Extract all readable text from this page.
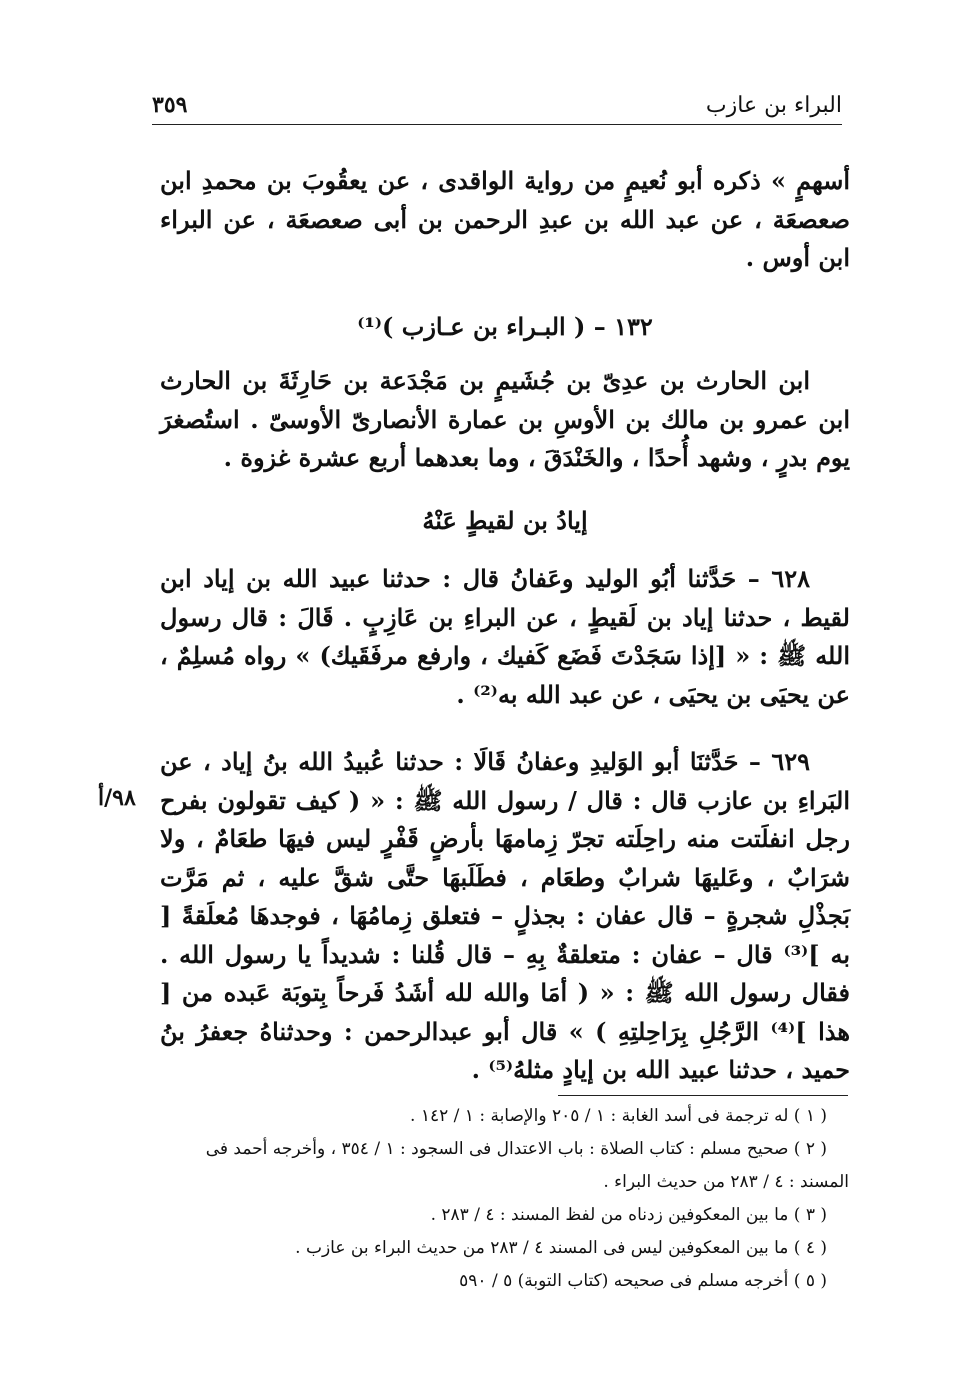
البراء بن عازب
٣٥٩
أسهمٍ » ذكره أبو نُعيمٍ من رواية الواقدى ، عن يعقُوبَ بن محمدِ ابن صعصعَة ، عن عبد الله بن عبدِ الرحمن بن أبى صعصعَة ، عن البراء ابن أوس .
١٣٢ – ( البـراء بن عـازب )⁽¹⁾
ابن الحارث بن عدِىّ بن جُشَيمٍ بن مَجْدَعة بن حَارِثَةَ بن الحارث ابن عمرو بن مالك بن الأوسِ بن عمارة الأنصارىّ الأوسىّ . استُصغرَ يوم بدرٍ ، وشهد أُحدًا ، والخَنْدَقَ ، وما بعدهما أربع عشرة غزوة .
إيادُ بن لقيطٍ عَنْهُ
٦٢٨ – حَدَّثنا أبُو الوليد وعَفانُ قال : حدثنا عبيد الله بن إياد ابن لقيط ، حدثنا إياد بن لَقيطٍ ، عن البراءِ بن عَازِبٍ . قَالَ : قال رسول الله ﷺ : « [إذا سَجَدْتَ فَضَع كَفيك ، وارفع مرفَقَيك) » رواه مُسلِمٌ ، عن يحيَى بن يحيَى ، عن عبد الله به⁽²⁾ .
٦٢٩ – حَدَّثنَا أبو الوَليدِ وعفانُ قَالَا : حدثنا عُبيدُ الله بنُ إياد ، عن البَراءِ بن عازب قال : قال / رسول الله ﷺ : « ( كيف تقولون بفرح رجل انفلَتت منه راحِلَته تجرّ زِمامهَا بأرضٍ قَفْرٍ ليس فيهَا طعَامٌ ، ولا شرَابٌ ، وعَليهَا شرابٌ وطعَام ، فطَلَبهَا حتَّى شقَّ عليه ، ثم مَرَّت بَجذْلِ شجرةٍ – قال عفان : بجذلٍ – فتعلق زِمامُهَا ، فوجدهَا مُعلَقةً [ به ]⁽³⁾ قال – عفان : متعلقةٌ بِهِ – قال قُلنا : شديداً يا رسول الله . فقال رسول الله ﷺ : « ( أمَا والله لله أشَدُ فَرحاً بِتوبَة عَبده من [ هذا ]⁽⁴⁾ الرَّجُلِ بِرَاحِلتِهِ ) » قال أبو عبدالرحمن : وحدثناهُ جعفرُ بنُ حميد ، حدثنا عبيد الله بن إيادٍ مثلهُ⁽⁵⁾ .
٩٨/أ

( ١ ) له ترجمة فى أسد الغابة : ١ / ٢٠٥ والإصابة : ١ / ١٤٢ .

( ٢ ) صحيح مسلم : كتاب الصلاة : باب الاعتدال فى السجود : ١ / ٣٥٤ ، وأخرجه أحمد فى المسند : ٤ / ٢٨٣ من حديث البراء .

( ٣ ) ما بين المعكوفين زدناه من لفظ المسند : ٤ / ٢٨٣ .

( ٤ ) ما بين المعكوفين ليس فى المسند ٤ / ٢٨٣ من حديث البراء بن عازب .

( ٥ ) أخرجه مسلم فى صحيحه (كتاب التوبة) ٥ / ٥٩٠
